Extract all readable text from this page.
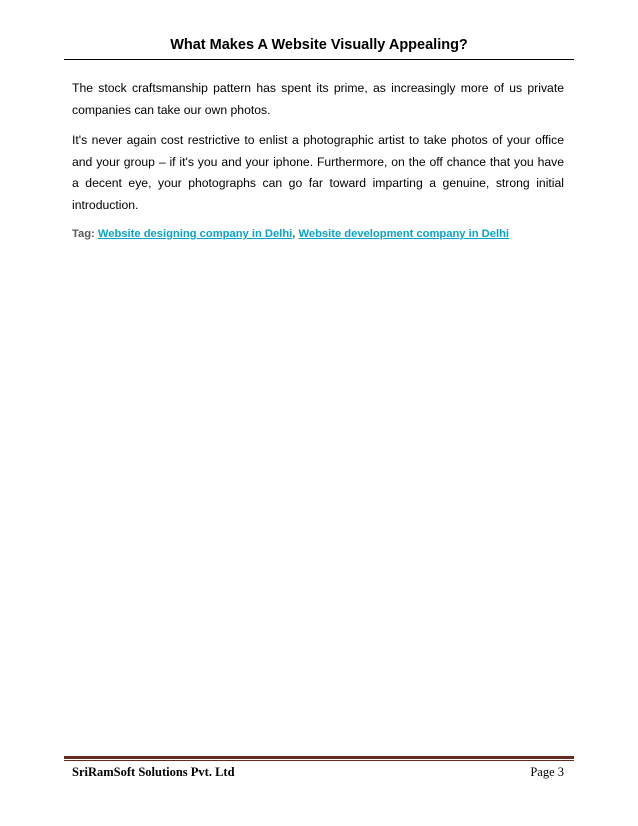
What Makes A Website Visually Appealing?

The stock craftsmanship pattern has spent its prime, as increasingly more of us private companies can take our own photos.

It's never again cost restrictive to enlist a photographic artist to take photos of your office and your group – if it's you and your iphone. Furthermore, on the off chance that you have a decent eye, your photographs can go far toward imparting a genuine, strong initial introduction.

Tag: Website designing company in Delhi, Website development company in Delhi

SriRamSoft Solutions Pvt. Ltd	Page 3
